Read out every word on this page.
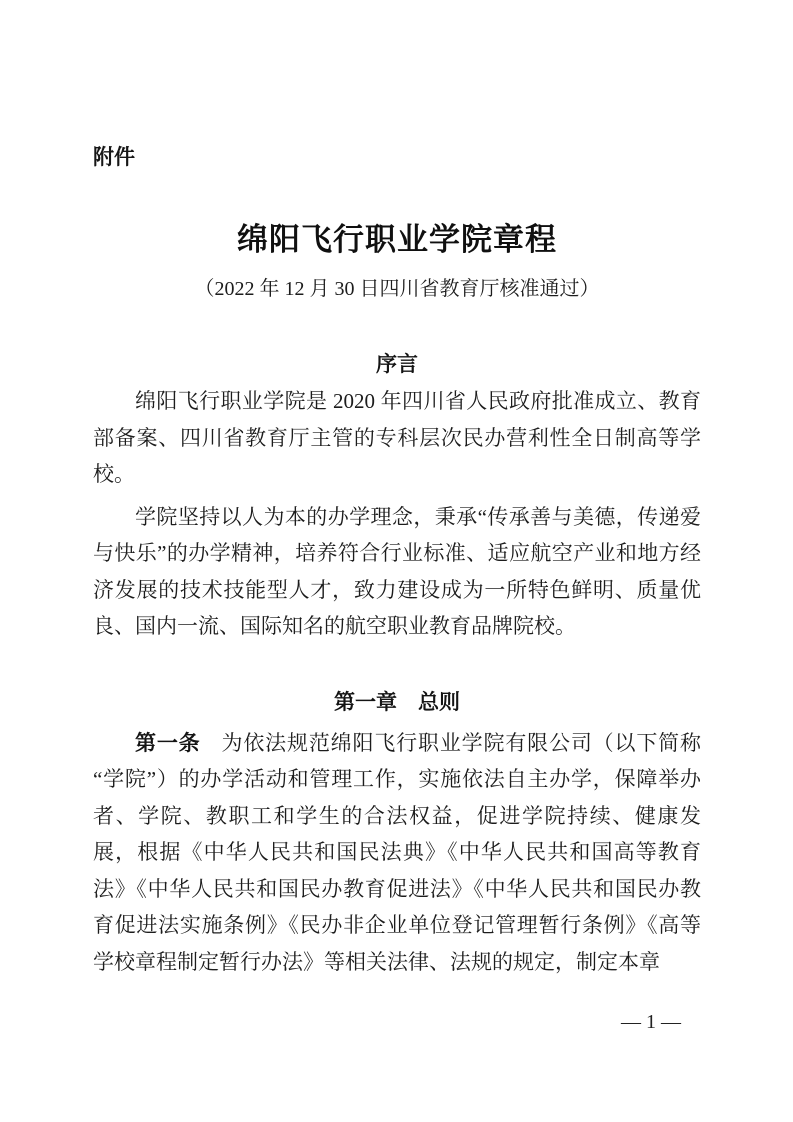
附件
绵阳飞行职业学院章程
（2022 年 12 月 30 日四川省教育厅核准通过）
序言

绵阳飞行职业学院是 2020 年四川省人民政府批准成立、教育部备案、四川省教育厅主管的专科层次民办营利性全日制高等学校。

学院坚持以人为本的办学理念，秉承“传承善与美德，传递爱与快乐”的办学精神，培养符合行业标准、适应航空产业和地方经济发展的技术技能型人才，致力建设成为一所特色鲜明、质量优良、国内一流、国际知名的航空职业教育品牌院校。

第一章　总则

第一条 为依法规范绵阳飞行职业学院有限公司（以下简称“学院”）的办学活动和管理工作，实施依法自主办学，保障举办者、学院、教职工和学生的合法权益，促进学院持续、健康发展，根据《中华人民共和国民法典》《中华人民共和国高等教育法》《中华人民共和国民办教育促进法》《中华人民共和国民办教育促进法实施条例》《民办非企业单位登记管理暂行条例》《高等学校章程制定暂行办法》等相关法律、法规的规定，制定本章

— 1 —
